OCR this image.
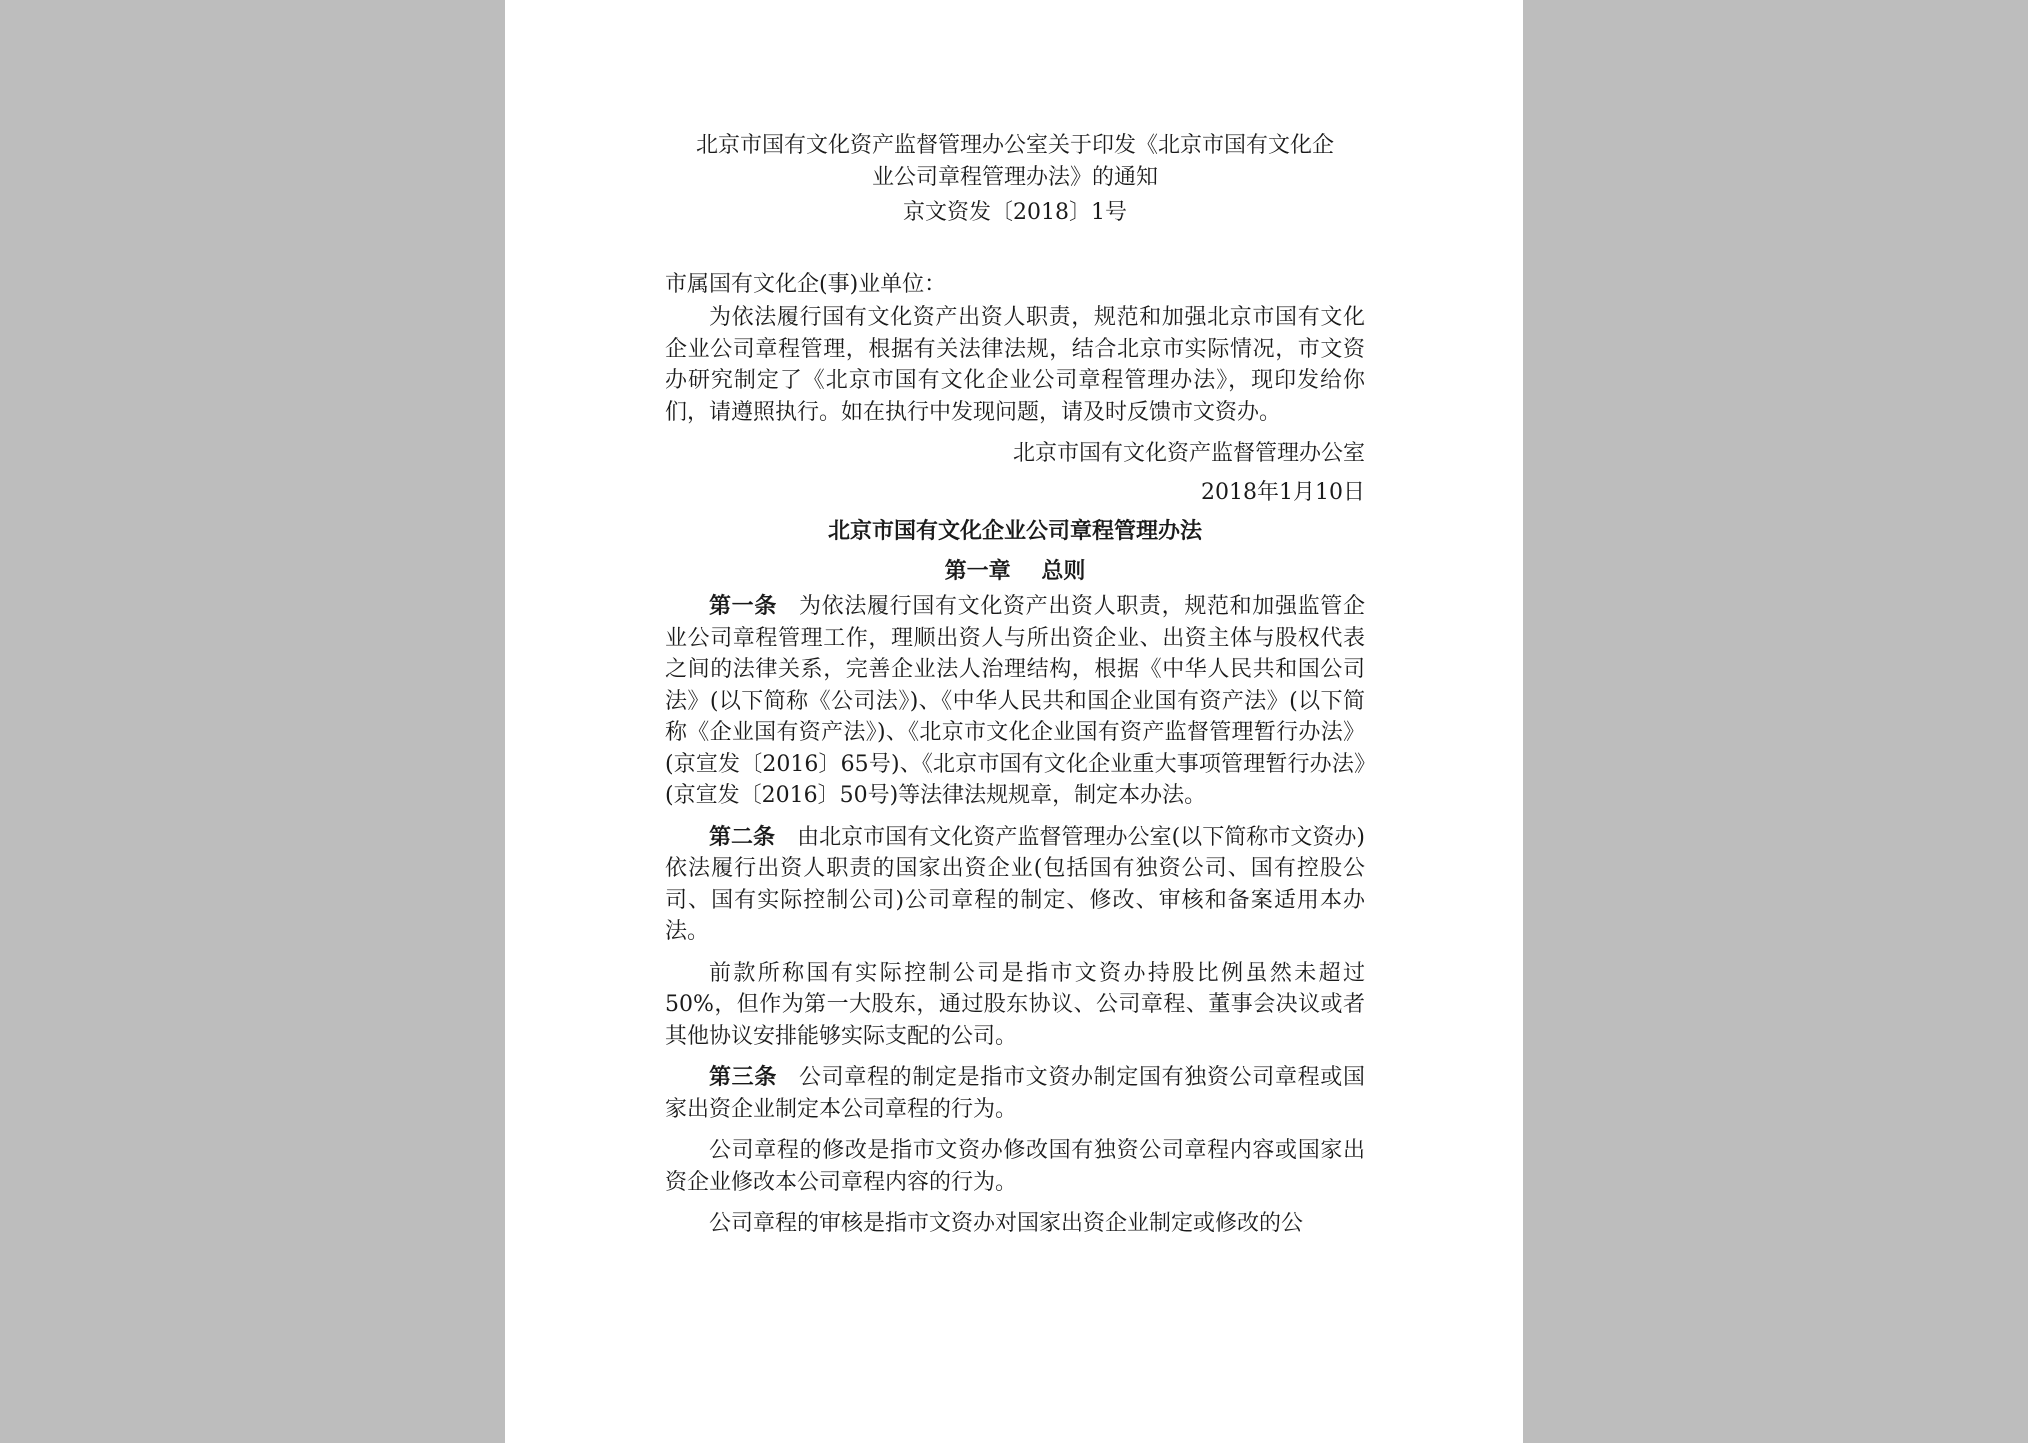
北京市国有文化资产监督管理办公室关于印发《北京市国有文化企
业公司章程管理办法》的通知
京文资发〔2018〕1号
市属国有文化企(事)业单位：

为依法履行国有文化资产出资人职责，规范和加强北京市国有文化企业公司章程管理，根据有关法律法规，结合北京市实际情况，市文资办研究制定了《北京市国有文化企业公司章程管理办法》，现印发给你们，请遵照执行。如在执行中发现问题，请及时反馈市文资办。

北京市国有文化资产监督管理办公室
2018年1月10日
北京市国有文化企业公司章程管理办法
第一章 总则

第一条 为依法履行国有文化资产出资人职责，规范和加强监管企业公司章程管理工作，理顺出资人与所出资企业、出资主体与股权代表之间的法律关系，完善企业法人治理结构，根据《中华人民共和国公司法》(以下简称《公司法》)、《中华人民共和国企业国有资产法》(以下简称《企业国有资产法》)、《北京市文化企业国有资产监督管理暂行办法》(京宣发〔2016〕65号)、《北京市国有文化企业重大事项管理暂行办法》(京宣发〔2016〕50号)等法律法规规章，制定本办法。

第二条 由北京市国有文化资产监督管理办公室(以下简称市文资办)依法履行出资人职责的国家出资企业(包括国有独资公司、国有控股公司、国有实际控制公司)公司章程的制定、修改、审核和备案适用本办法。

前款所称国有实际控制公司是指市文资办持股比例虽然未超过50%，但作为第一大股东，通过股东协议、公司章程、董事会决议或者其他协议安排能够实际支配的公司。

第三条 公司章程的制定是指市文资办制定国有独资公司章程或国家出资企业制定本公司章程的行为。

公司章程的修改是指市文资办修改国有独资公司章程内容或国家出资企业修改本公司章程内容的行为。

公司章程的审核是指市文资办对国家出资企业制定或修改的公
